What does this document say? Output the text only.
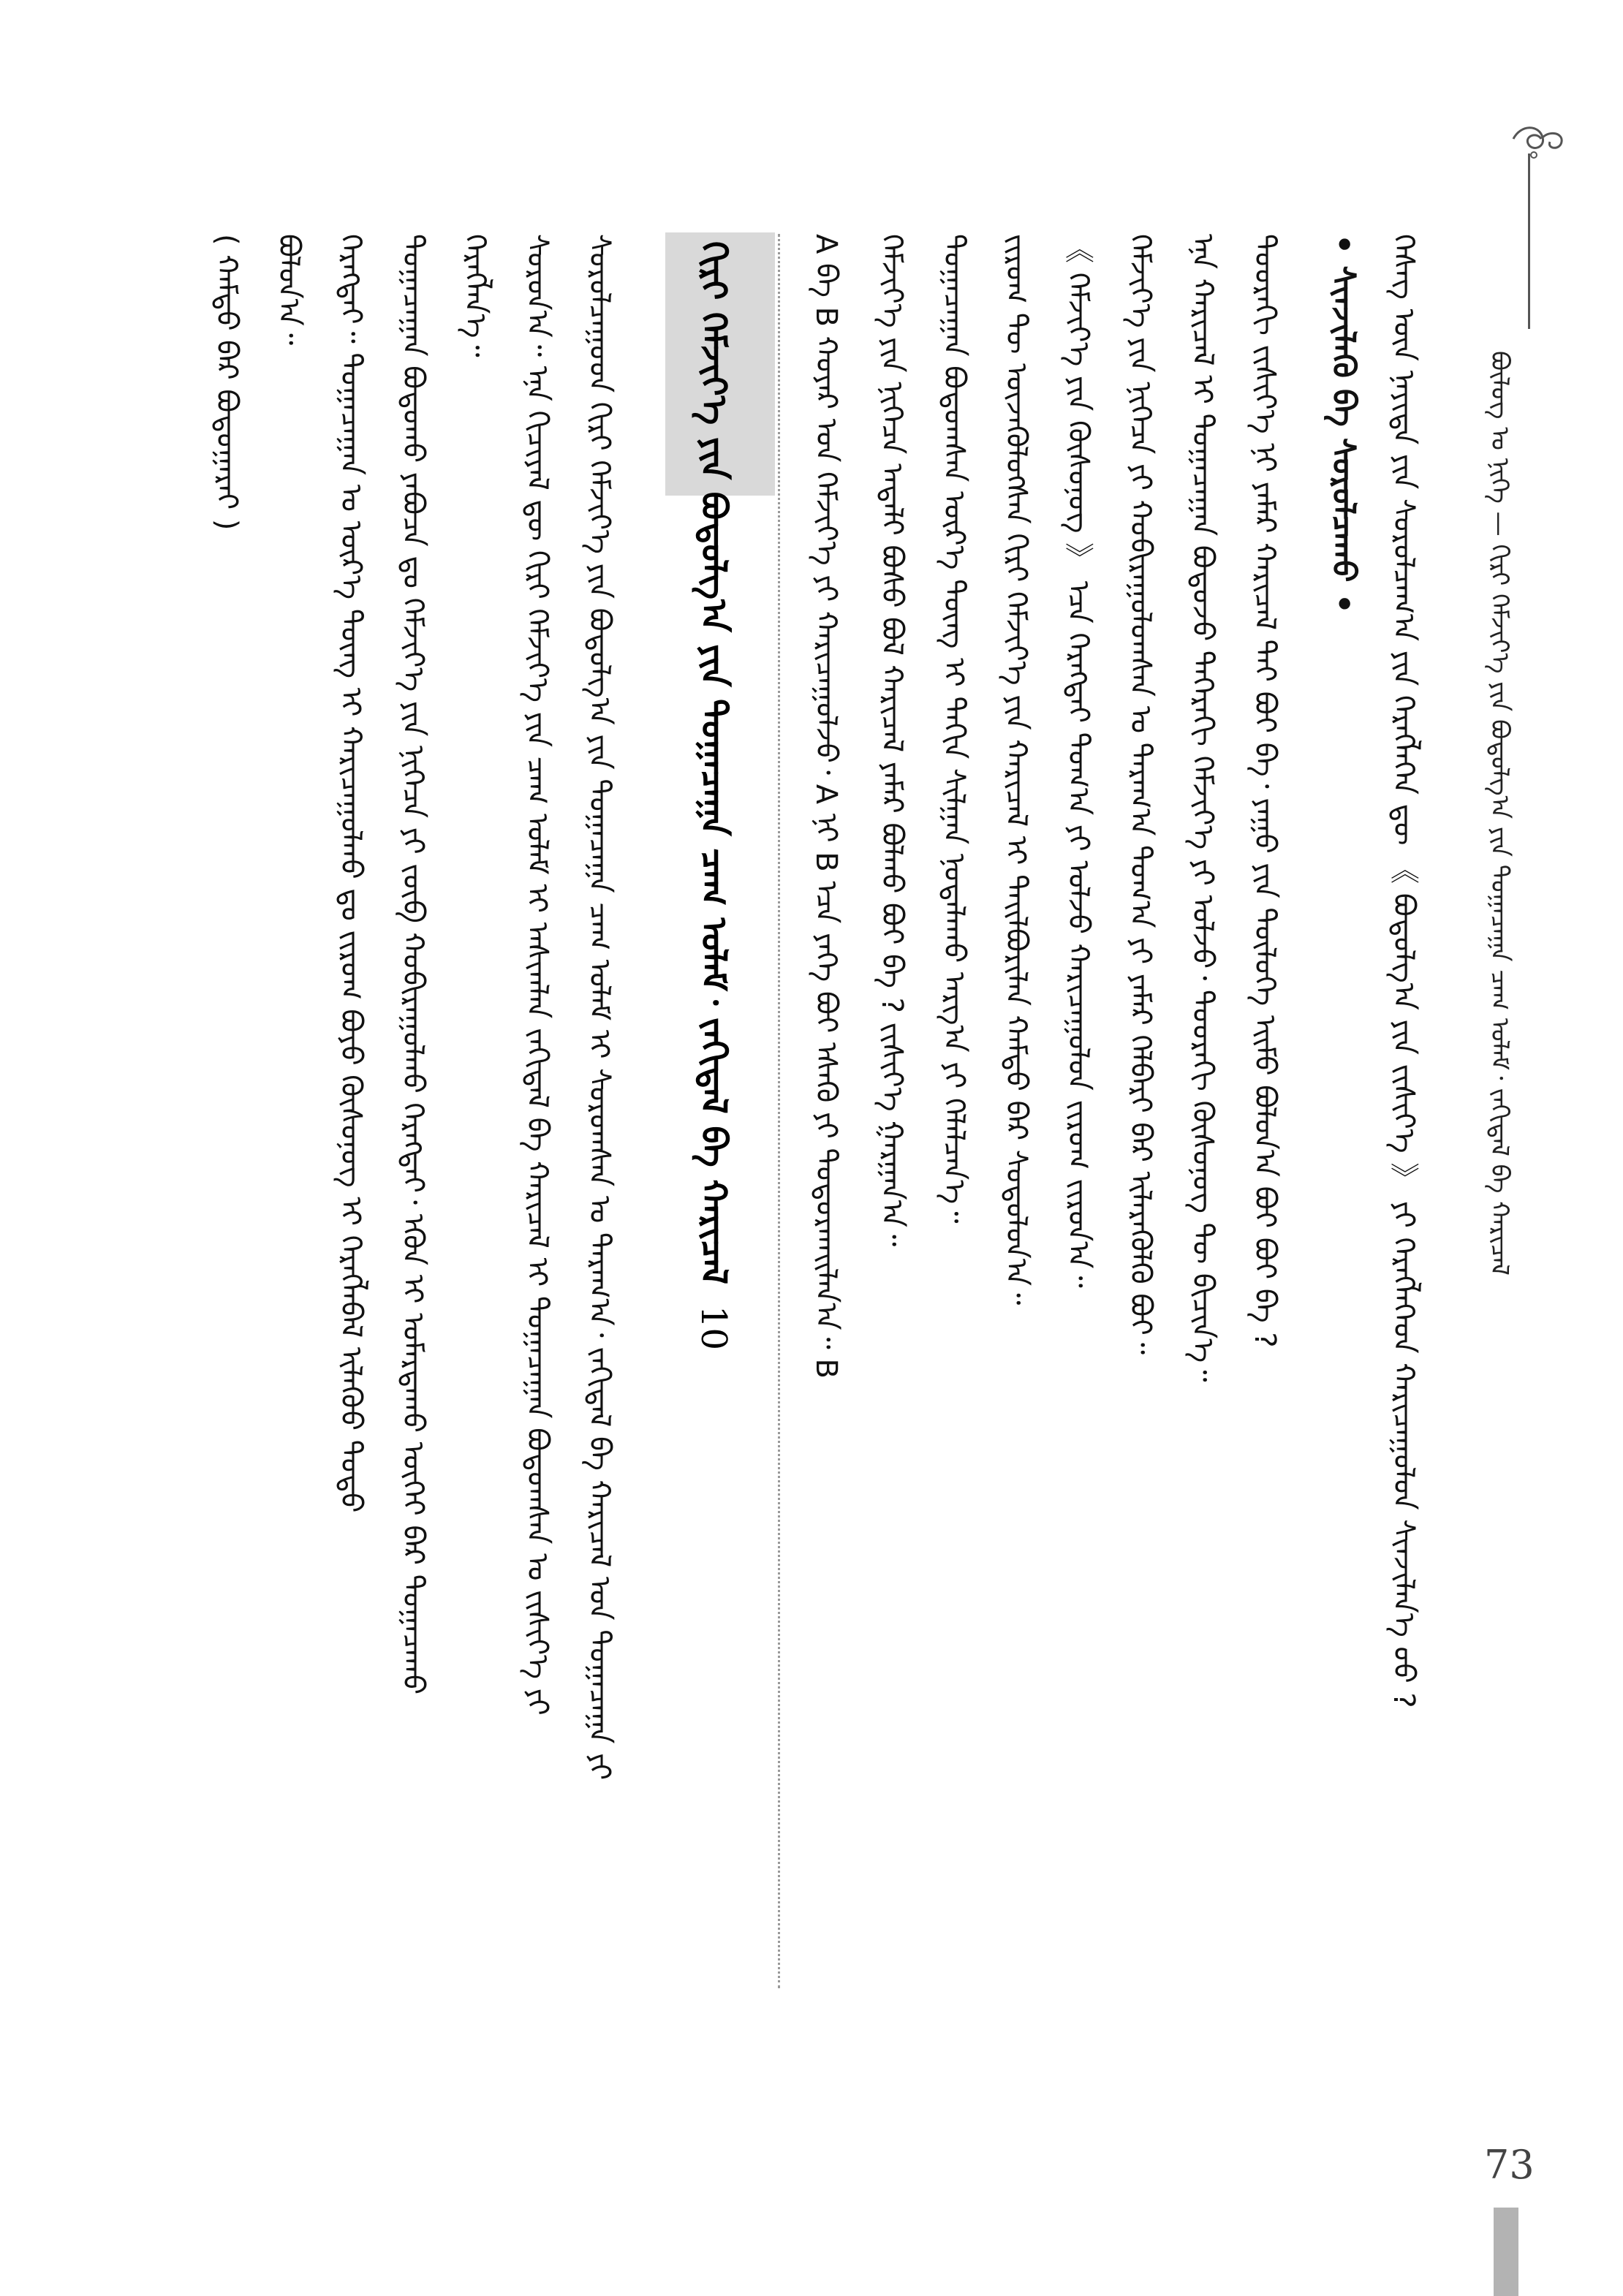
ᠪᠦᠯᠦᠭ ᠤ ᠨᠢᠭᠡ — ᠬᠢᠷᠢ ᠬᠡᠮᠵᠢᠶ᠎ᠡ ᠶᠢᠨ ᠪᠤᠳᠤᠯᠭ᠎ᠠ ᠶᠢᠨ ᠲᠣᠭᠠᠴᠠᠭᠠ ᠴᠠᠭ ᠤᠯᠠᠮ᠂ ᠵᠠᠬᠢᠳᠠᠯ ᠪᠠ ᠬᠠᠷᠢᠴᠠᠯ
ᠬᠡᠰᠡᠭ ᠦᠨ ᠨᠡᠶᠢᠲᠡ ᠶᠢᠨ ᠰᠤᠷᠤᠯᠴᠠᠭ᠎ᠠ ᠶᠢᠨ ᠬᠡᠷᠡᠭᠯᠡᠭᠡᠨ ᠳᠦ 《 ᠪᠤᠳᠤᠯᠭ᠎ᠠ ᠶᠢᠨ ᠵᠢᠱᠢᠶ᠎ᠡ 》 ᠶᠢ ᠬᠡᠷᠡᠭᠯᠡᠭᠡᠳ ᠬᠠᠷᠢᠴᠠᠭᠤᠯᠤᠨ ᠰᠢᠨᠵᠢᠯᠡᠨ᠎ᠡ ᠦᠦ ?
• ᠰᠢᠨᠵᠢᠯᠡᠬᠦ ᠪᠠ ᠰᠤᠷᠤᠯᠴᠠᠬᠤ •
ᠳᠣᠣᠷᠠᠬᠢ ᠵᠢᠱᠢᠶ᠎ᠡ ᠨᠢ ᠶᠠᠮᠠᠷ ᠬᠠᠷᠢᠴᠠᠯ ᠲᠠᠢ ᠪᠤᠢ ᠪᠡ᠂ ᠶᠠᠭᠤ ᠶᠢᠨ ᠲᠥᠯᠥᠭᠡ ᠡᠢᠮᠦ ᠪᠤᠯᠤᠨ᠎ᠠ ᠪᠤᠢ ᠪᠤᠢ ᠪᠡ ?
ᠡᠨᠡ ᠬᠠᠷᠢᠴᠠᠯ ᠢ ᠲᠣᠭᠠᠴᠠᠭᠠᠨ ᠪᠤᠳᠤᠵᠤ ᠳᠡᠭᠡᠷᠡᠬᠢ ᠬᠡᠮᠵᠢᠶ᠎ᠡ ᠶᠢ ᠣᠯᠵᠤ᠂ ᠳᠣᠣᠷᠠᠬᠢ ᠬᠦᠰᠦᠨᠦᠭ ᠲᠦ ᠪᠢᠴᠢᠨ᠎ᠡ᠃
ᠬᠡᠮᠵᠢᠶ᠎ᠡ ᠶᠢᠨ ᠨᠢᠭᠡᠴᠡ ᠶᠢ ᠬᠤᠪᠢᠷᠠᠭᠤᠯᠤᠭᠰᠠᠨ ᠤ ᠳᠠᠷᠠᠭ᠎ᠠ ᠲᠣᠭ᠎ᠠ ᠶᠢ ᠶᠠᠮᠠᠷ ᠬᠡᠯᠪᠡᠷᠢ ᠪᠡᠷ ᠢᠯᠡᠷᠡᠭᠦᠯᠬᠦ ᠪᠤᠢ᠃
《 ᠬᠡᠮᠵᠢᠶ᠎ᠡ ᠶᠢᠨ ᠬᠦᠰᠦᠨᠦᠭ 》 ᠡᠴᠡ ᠬᠡᠷᠡᠭᠲᠡᠢ ᠲᠣᠭ᠎ᠠ ᠶᠢ ᠣᠯᠵᠤ ᠬᠠᠷᠢᠴᠠᠭᠤᠯᠤᠨ ᠵᠢᠷᠤᠭ ᠵᠢᠷᠤᠨ᠎ᠠ᠃
ᠵᠢᠷᠤᠭ ᠲᠦ ᠦᠵᠡᠭᠦᠯᠦᠭᠰᠡᠨ ᠬᠢᠷᠢ ᠬᠡᠮᠵᠢᠶ᠎ᠡ ᠶᠢᠨ ᠬᠠᠷᠢᠴᠠᠯ ᠢ ᠲᠠᠢᠯᠪᠤᠷᠢᠯᠠᠨ ᠬᠠᠮᠲᠤ ᠪᠡᠷ ᠰᠤᠳᠤᠯᠤᠨ᠎ᠠ᠃
ᠲᠣᠭᠠᠴᠠᠭᠠᠨ ᠪᠤᠳᠤᠭᠰᠠᠨ ᠦᠷ᠎ᠡ ᠳᠦᠩ ᠢ ᠳᠠᠬᠢᠨ ᠰᠢᠯᠭᠠᠨ ᠨᠣᠲᠠᠯᠠᠬᠤ ᠠᠷᠭ᠎ᠠ ᠶᠢ ᠬᠡᠯᠡᠯᠴᠡᠨ᠎ᠡ᠃
ᠬᠡᠮᠵᠢᠶ᠎ᠡ ᠶᠢᠨ ᠨᠢᠭᠡᠴᠡ ᠠᠳᠠᠯᠢ ᠪᠤᠰᠤ ᠪᠣᠯ ᠬᠠᠷᠢᠴᠠᠯ ᠶᠠᠮᠠᠷ ᠪᠣᠯᠬᠤ ᠪᠤᠢ ᠪᠡ ? ᠵᠢᠱᠢᠶ᠎ᠡ ᠭᠠᠷᠭᠠᠨ᠎ᠠ᠃
A ᠪᠠ B ᠬᠣᠶᠠᠷ ᠤᠨ ᠬᠡᠮᠵᠢᠶ᠎ᠡ ᠶᠢ ᠬᠠᠷᠢᠴᠠᠭᠤᠯᠵᠤ᠂ A ᠨᠢ B ᠡᠴᠡ ᠶᠡᠬᠡ ᠪᠤᠢ ᠡᠰᠡᠬᠦ ᠶᠢ ᠲᠣᠳᠤᠷᠬᠠᠢᠯᠠᠨ᠎ᠠ᠃ B
ᠬᠢᠷᠢ ᠬᠡᠮᠵᠢᠶ᠎ᠡ ᠶᠢᠨ ᠪᠤᠳᠤᠯᠭ᠎ᠠ ᠶᠢᠨ ᠲᠣᠭᠠᠴᠠᠭᠠ ᠴᠠᠭ ᠤᠯᠠᠮ᠂ ᠵᠠᠬᠢᠳᠠᠯ ᠪᠠ ᠬᠠᠷᠢᠴᠠᠯ 10
ᠰᠤᠷᠤᠯᠴᠠᠭᠤᠳ ᠬᠢᠷᠢ ᠬᠡᠮᠵᠢᠶ᠎ᠡ ᠶᠢᠨ ᠪᠤᠳᠤᠯᠭ᠎ᠠ ᠶᠢᠨ ᠲᠣᠭᠠᠴᠠᠭᠠ ᠴᠠᠭ ᠤᠯᠠᠮ ᠢ ᠰᠤᠷᠤᠭᠰᠠᠨ ᠤ ᠳᠠᠷᠠᠭ᠎ᠠ᠂ ᠵᠠᠬᠢᠳᠠᠯ ᠪᠠ ᠬᠠᠷᠢᠴᠠᠯ ᠤᠨ ᠲᠣᠭᠠᠴᠠᠭᠠ ᠶᠢ
ᠰᠤᠷᠤᠨ᠎ᠠ᠃ ᠡᠨᠡ ᠬᠢᠴᠢᠶᠡᠯ ᠳᠦ ᠬᠢᠷᠢ ᠬᠡᠮᠵᠢᠶ᠎ᠡ ᠶᠢᠨ ᠴᠠᠭ ᠤᠯᠠᠮ ᠢ ᠠᠰᠢᠭᠯᠠᠨ ᠵᠠᠬᠢᠳᠠᠯ ᠪᠠ ᠬᠠᠷᠢᠴᠠᠯ ᠢ ᠲᠣᠭᠠᠴᠠᠭᠠᠨ ᠪᠤᠳᠤᠭᠰᠠᠨ ᠤ ᠵᠢᠱᠢᠶ᠎ᠡ ᠶᠢ
ᠬᠡᠷᠡᠭᠯᠡᠨ᠎ᠡ᠃
ᠲᠣᠭᠠᠴᠠᠭᠠᠨ ᠪᠤᠳᠤᠬᠤ ᠶᠠᠪᠤᠴᠠ ᠳᠤ ᠬᠡᠮᠵᠢᠶ᠎ᠡ ᠶᠢᠨ ᠨᠢᠭᠡᠴᠡ ᠶᠢ ᠵᠥᠪ ᠬᠤᠪᠢᠷᠠᠭᠤᠯᠬᠤ ᠬᠡᠷᠡᠭᠲᠡᠢ᠂ ᠡᠭᠦᠨ ᠢ ᠤᠮᠠᠷᠲᠠᠬᠤ ᠦᠭᠡᠢ ᠪᠡᠷ ᠲᠣᠭᠠᠴᠠᠬᠤ
ᠬᠡᠷᠡᠭᠲᠡᠢ᠃ ᠲᠣᠭᠠᠴᠠᠭᠠᠨ ᠤ ᠦᠷ᠎ᠡ ᠳᠦᠩ ᠢ ᠬᠠᠷᠢᠴᠠᠭᠤᠯᠬᠤ ᠳᠤ ᠵᠢᠷᠤᠭ ᠪᠤᠶᠤ ᠬᠦᠰᠦᠨᠦᠭ ᠢ ᠬᠡᠷᠡᠭᠯᠡᠪᠡᠯ ᠢᠯᠡᠭᠦᠦ ᠲᠣᠳᠤ
ᠪᠣᠯᠤᠨ᠎ᠠ᠃
( ᠬᠠᠮᠲᠤ ᠪᠡᠷ ᠪᠣᠳᠤᠭᠠᠷᠠᠢ )
73
